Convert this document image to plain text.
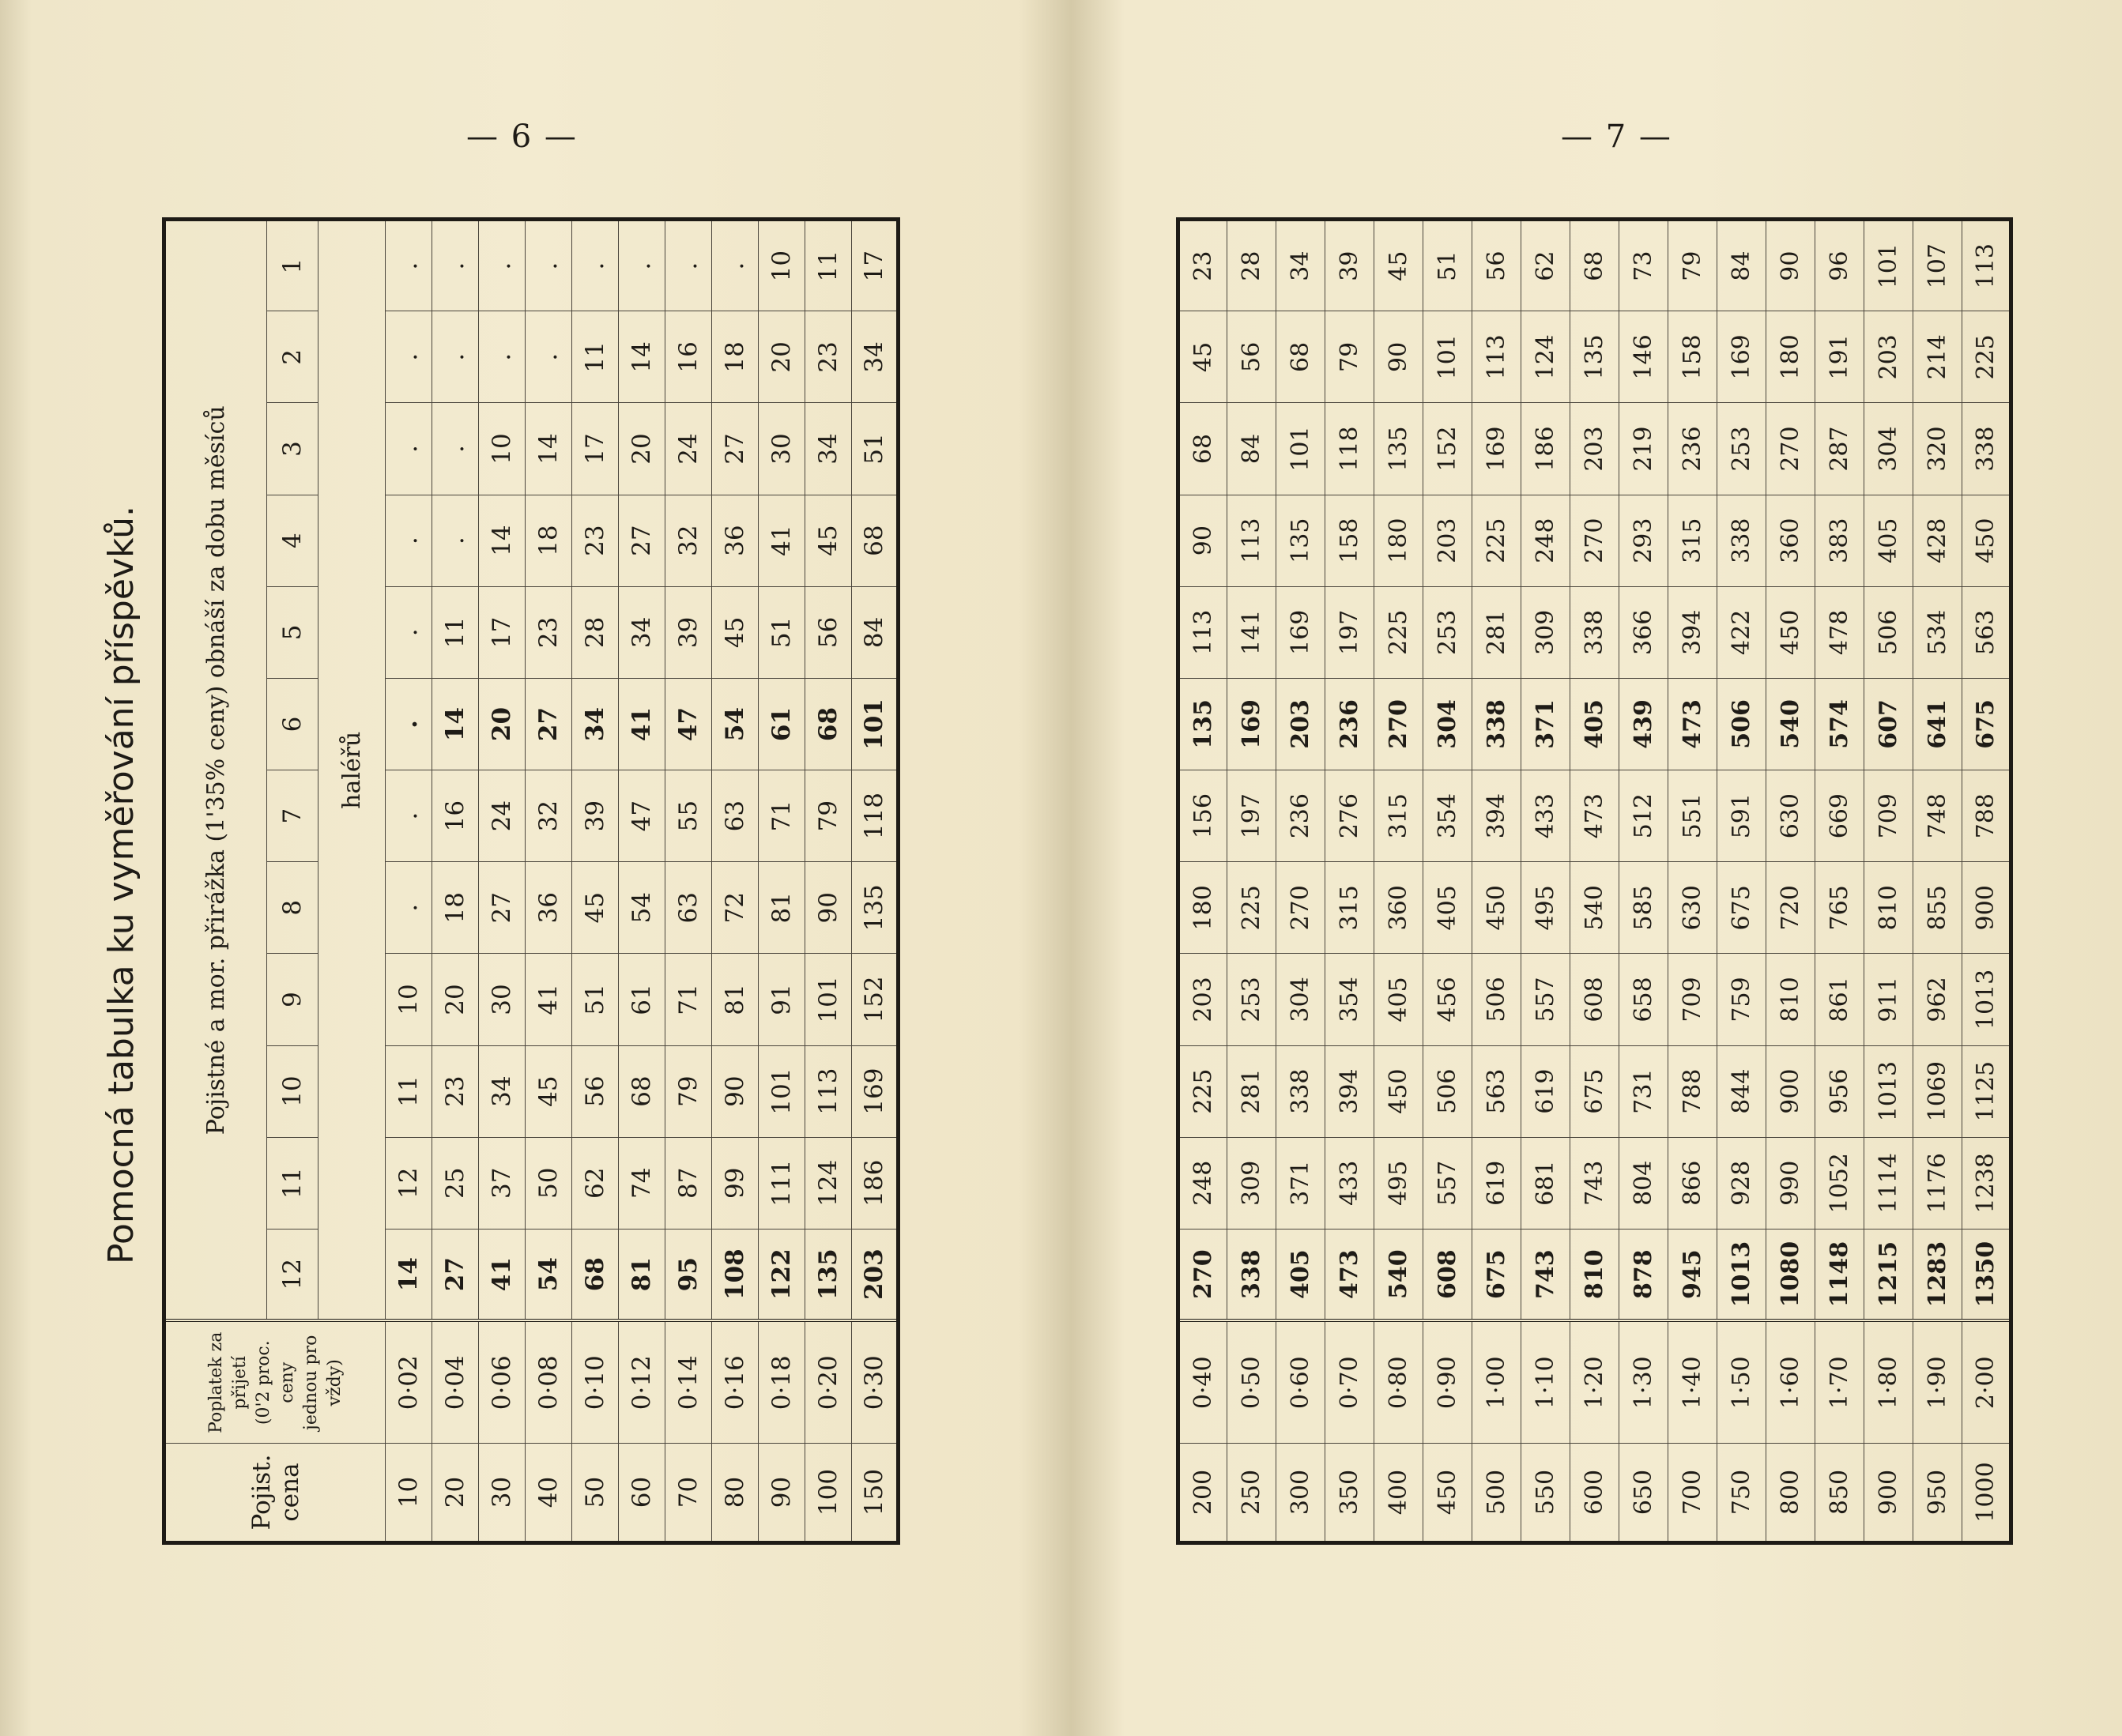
— 6 —	— 7 —
Pomocná tabulka ku vyměřování příspěvků.
Pojist. cena	Poplatek za přijetí (0'2 proc. ceny jednou pro vždy)	Pojistné a mor. přirážka (1'35% ceny) obnáší za dobu měsíců											
		12	11	10	9	8	7	6	5	4	3	2	1
		haléřů											
10	0·02	14	12	11	10	.	.	.	.	.	.	.	.
20	0·04	27	25	23	20	18	16	14	11	.	.	.	.
30	0·06	41	37	34	30	27	24	20	17	14	10	.	.
40	0·08	54	50	45	41	36	32	27	23	18	14	.	.
50	0·10	68	62	56	51	45	39	34	28	23	17	11	.
60	0·12	81	74	68	61	54	47	41	34	27	20	14	.
70	0·14	95	87	79	71	63	55	47	39	32	24	16	.
80	0·16	108	99	90	81	72	63	54	45	36	27	18	.
90	0·18	122	111	101	91	81	71	61	51	41	30	20	10
100	0·20	135	124	113	101	90	79	68	56	45	34	23	11
150	0·30	203	186	169	152	135	118	101	84	68	51	34	17
200	0·40	270	248	225	203	180	156	135	113	90	68	45	23
250	0·50	338	309	281	253	225	197	169	141	113	84	56	28
300	0·60	405	371	338	304	270	236	203	169	135	101	68	34
350	0·70	473	433	394	354	315	276	236	197	158	118	79	39
400	0·80	540	495	450	405	360	315	270	225	180	135	90	45
450	0·90	608	557	506	456	405	354	304	253	203	152	101	51
500	1·00	675	619	563	506	450	394	338	281	225	169	113	56
550	1·10	743	681	619	557	495	433	371	309	248	186	124	62
600	1·20	810	743	675	608	540	473	405	338	270	203	135	68
650	1·30	878	804	731	658	585	512	439	366	293	219	146	73
700	1·40	945	866	788	709	630	551	473	394	315	236	158	79
750	1·50	1013	928	844	759	675	591	506	422	338	253	169	84
800	1·60	1080	990	900	810	720	630	540	450	360	270	180	90
850	1·70	1148	1052	956	861	765	669	574	478	383	287	191	96
900	1·80	1215	1114	1013	911	810	709	607	506	405	304	203	101
950	1·90	1283	1176	1069	962	855	748	641	534	428	320	214	107
1000	2·00	1350	1238	1125	1013	900	788	675	563	450	338	225	113
